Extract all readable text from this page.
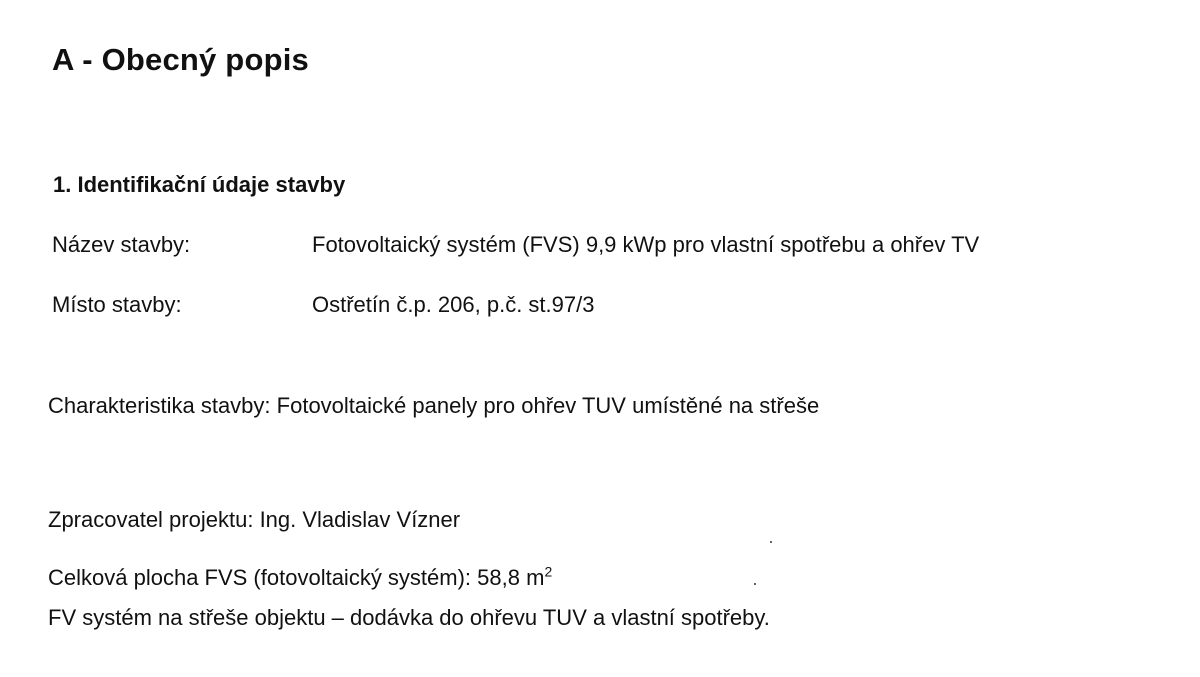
A - Obecný popis
1. Identifikační údaje stavby
Název stavby:	Fotovoltaický systém (FVS) 9,9 kWp pro vlastní spotřebu a ohřev TV
Místo stavby:	Ostřetín č.p. 206, p.č. st.97/3
Charakteristika stavby: Fotovoltaické panely pro ohřev TUV umístěné na střeše
Zpracovatel projektu: Ing. Vladislav Vízner
Celková plocha FVS (fotovoltaický systém): 58,8 $m^2$
FV systém na střeše objektu – dodávka do ohřevu TUV a vlastní spotřeby.
